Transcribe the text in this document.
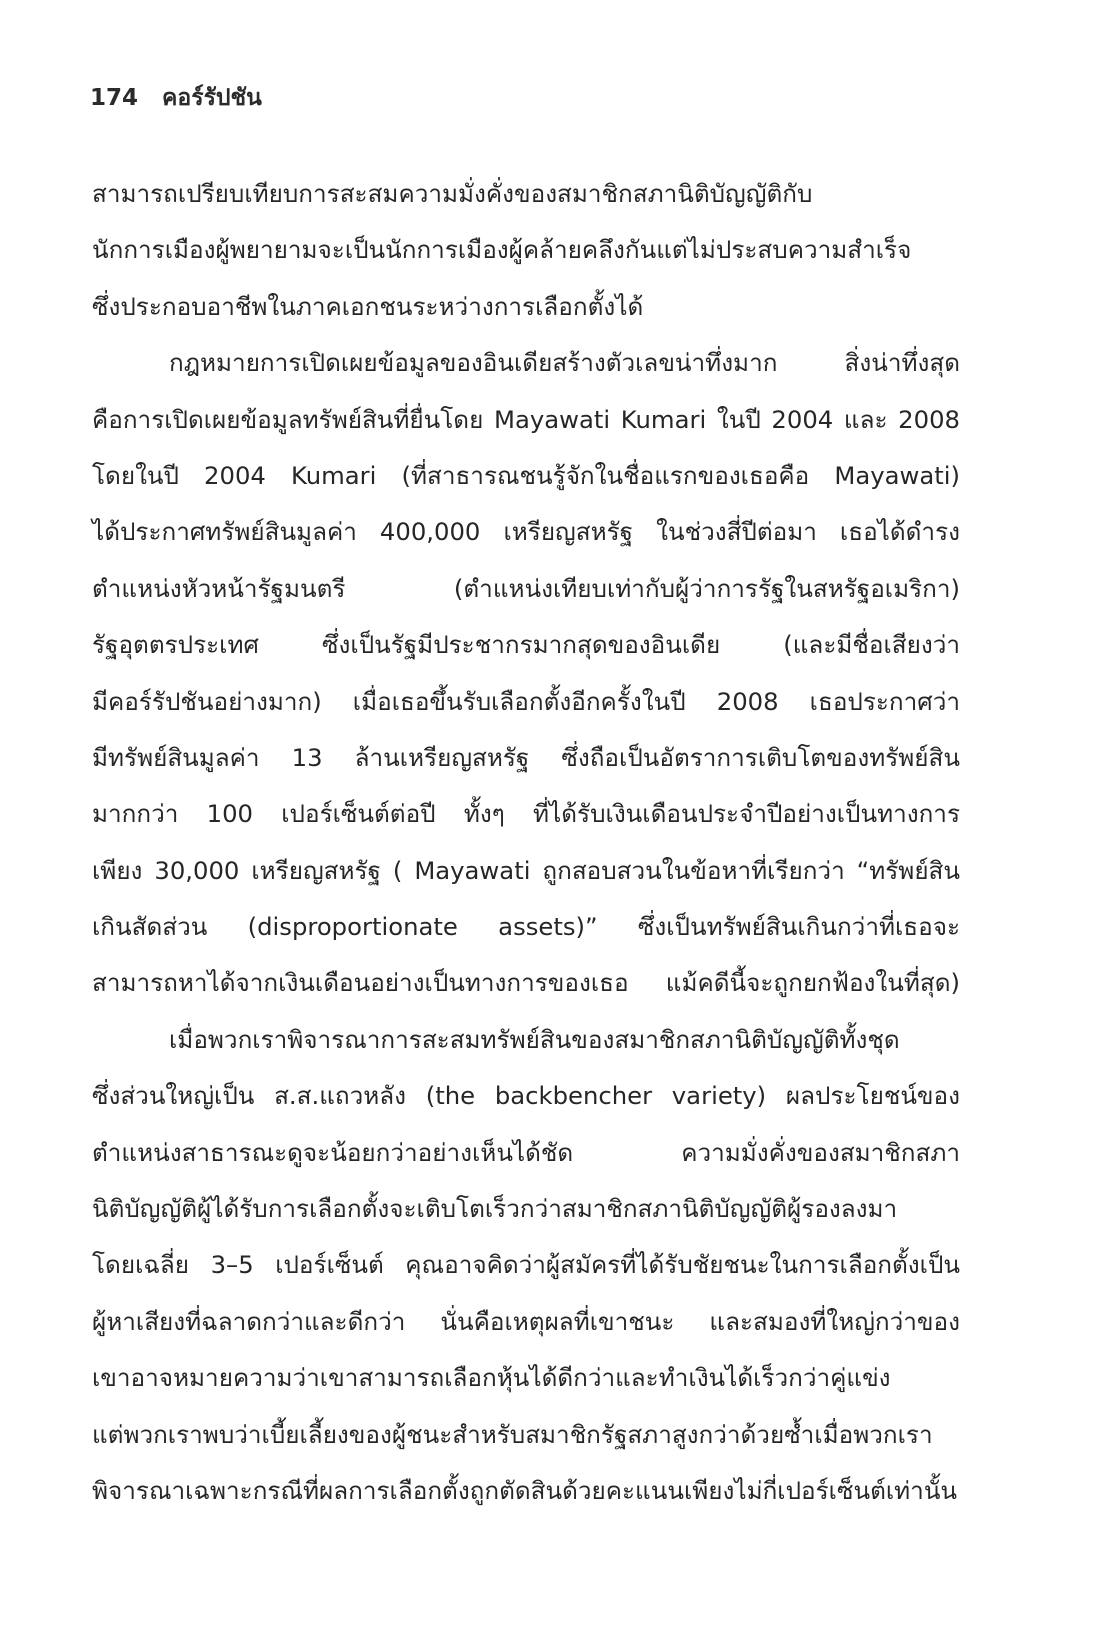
174 คอร์รัปชัน
สามารถเปรียบเทียบการสะสมความมั่งคั่งของสมาชิกสภานิติบัญญัติกับ
นักการเมืองผู้พยายามจะเป็นนักการเมืองผู้คล้ายคลึงกันแต่ไม่ประสบความสำเร็จ
ซึ่งประกอบอาชีพในภาคเอกชนระหว่างการเลือกตั้งได้
กฎหมายการเปิดเผยข้อมูลของอินเดียสร้างตัวเลขน่าทึ่งมาก สิ่งน่าทึ่งสุด
คือการเปิดเผยข้อมูลทรัพย์สินที่ยื่นโดย Mayawati Kumari ในปี 2004 และ 2008
โดยในปี 2004 Kumari (ที่สาธารณชนรู้จักในชื่อแรกของเธอคือ Mayawati)
ได้ประกาศทรัพย์สินมูลค่า 400,000 เหรียญสหรัฐ ในช่วงสี่ปีต่อมา เธอได้ดำรง
ตำแหน่งหัวหน้ารัฐมนตรี (ตำแหน่งเทียบเท่ากับผู้ว่าการรัฐในสหรัฐอเมริกา)
รัฐอุตตรประเทศ ซึ่งเป็นรัฐมีประชากรมากสุดของอินเดีย (และมีชื่อเสียงว่า
มีคอร์รัปชันอย่างมาก) เมื่อเธอขึ้นรับเลือกตั้งอีกครั้งในปี 2008 เธอประกาศว่า
มีทรัพย์สินมูลค่า 13 ล้านเหรียญสหรัฐ ซึ่งถือเป็นอัตราการเติบโตของทรัพย์สิน
มากกว่า 100 เปอร์เซ็นต์ต่อปี ทั้งๆ ที่ได้รับเงินเดือนประจำปีอย่างเป็นทางการ
เพียง 30,000 เหรียญสหรัฐ ( Mayawati ถูกสอบสวนในข้อหาที่เรียกว่า “ทรัพย์สิน
เกินสัดส่วน (disproportionate assets)” ซึ่งเป็นทรัพย์สินเกินกว่าที่เธอจะ
สามารถหาได้จากเงินเดือนอย่างเป็นทางการของเธอ แม้คดีนี้จะถูกยกฟ้องในที่สุด)
เมื่อพวกเราพิจารณาการสะสมทรัพย์สินของสมาชิกสภานิติบัญญัติทั้งชุด
ซึ่งส่วนใหญ่เป็น ส.ส.แถวหลัง (the backbencher variety) ผลประโยชน์ของ
ตำแหน่งสาธารณะดูจะน้อยกว่าอย่างเห็นได้ชัด ความมั่งคั่งของสมาชิกสภา
นิติบัญญัติผู้ได้รับการเลือกตั้งจะเติบโตเร็วกว่าสมาชิกสภานิติบัญญัติผู้รองลงมา
โดยเฉลี่ย 3–5 เปอร์เซ็นต์ คุณอาจคิดว่าผู้สมัครที่ได้รับชัยชนะในการเลือกตั้งเป็น
ผู้หาเสียงที่ฉลาดกว่าและดีกว่า นั่นคือเหตุผลที่เขาชนะ และสมองที่ใหญ่กว่าของ
เขาอาจหมายความว่าเขาสามารถเลือกหุ้นได้ดีกว่าและทำเงินได้เร็วกว่าคู่แข่ง
แต่พวกเราพบว่าเบี้ยเลี้ยงของผู้ชนะสำหรับสมาชิกรัฐสภาสูงกว่าด้วยซ้ำเมื่อพวกเรา
พิจารณาเฉพาะกรณีที่ผลการเลือกตั้งถูกตัดสินด้วยคะแนนเพียงไม่กี่เปอร์เซ็นต์เท่านั้น
